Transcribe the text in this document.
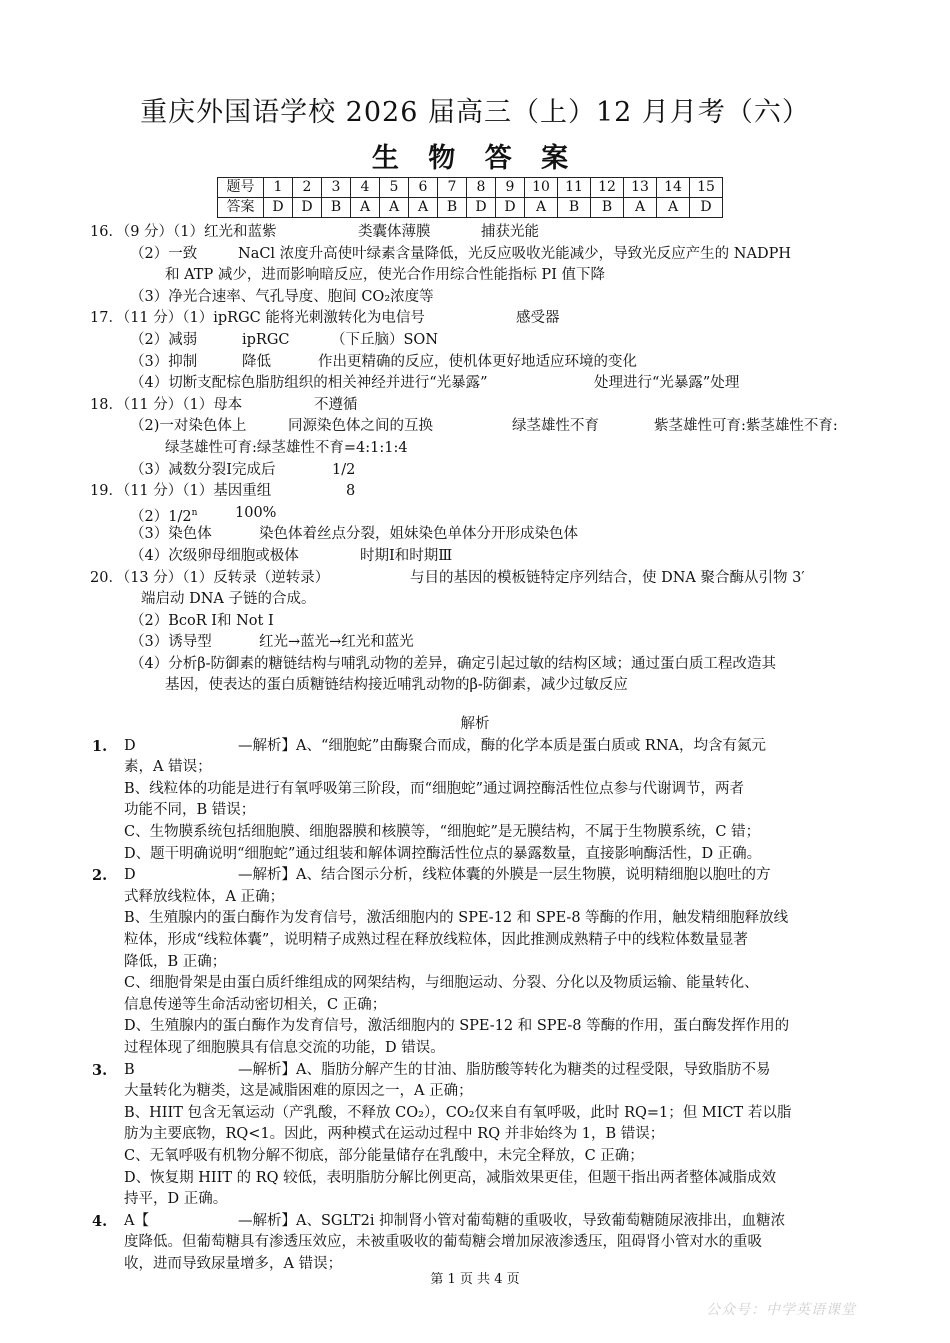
重庆外国语学校 2026 届高三（上）12 月月考（六）
生 物 答 案
题号	1	2	3	4	5	6	7	8	9	10	11	12	13	14	15
答案	D	D	B	A	A	A	B	D	D	A	B	B	A	A	D
16．（9 分）（1）红光和蓝紫	类囊体薄膜	捕获光能
（2）一致	NaCl 浓度升高使叶绿素含量降低，光反应吸收光能减少，导致光反应产生的 NADPH
和 ATP 减少，进而影响暗反应，使光合作用综合性能指标 PI 值下降
（3）净光合速率、气孔导度、胞间 CO₂浓度等
17．（11 分）（1）ipRGC 能将光刺激转化为电信号	感受器
（2）减弱	ipRGC	（下丘脑）SON
（3）抑制	降低	作出更精确的反应，使机体更好地适应环境的变化
（4）切断支配棕色脂肪组织的相关神经并进行“光暴露”	处理进行“光暴露”处理
18．（11 分）（1）母本	不遵循
（2)一对染色体上	同源染色体之间的互换	绿茎雄性不育	紫茎雄性可育:紫茎雄性不育:
绿茎雄性可育:绿茎雄性不育=4:1:1:4
（3）减数分裂Ⅰ完成后	1/2
19．（11 分）（1）基因重组	8
（2）1/2$^n$	100%
（3）染色体	染色体着丝点分裂，姐妹染色单体分开形成染色体
（4）次级卵母细胞或极体	时期Ⅰ和时期Ⅲ
20．（13 分）（1）反转录（逆转录）	与目的基因的模板链特定序列结合，使 DNA 聚合酶从引物 3′
端启动 DNA 子链的合成。
（2）BcoR Ⅰ和 Not Ⅰ
（3）诱导型	红光→蓝光→红光和蓝光
（4）分析β-防御素的糖链结构与哺乳动物的差异，确定引起过敏的结构区域；通过蛋白质工程改造其
基因，使表达的蛋白质糖链结构接近哺乳动物的β-防御素，减少过敏反应
解析
1. D	—解析】A、“细胞蛇”由酶聚合而成，酶的化学本质是蛋白质或 RNA，均含有氮元
素，A 错误；
B、线粒体的功能是进行有氧呼吸第三阶段，而“细胞蛇”通过调控酶活性位点参与代谢调节，两者
功能不同，B 错误；
C、生物膜系统包括细胞膜、细胞器膜和核膜等，“细胞蛇”是无膜结构，不属于生物膜系统，C 错；
D、题干明确说明“细胞蛇”通过组装和解体调控酶活性位点的暴露数量，直接影响酶活性，D 正确。
2. D	—解析】A、结合图示分析，线粒体囊的外膜是一层生物膜，说明精细胞以胞吐的方
式释放线粒体，A 正确；
B、生殖腺内的蛋白酶作为发育信号，激活细胞内的 SPE-12 和 SPE-8 等酶的作用，触发精细胞释放线
粒体，形成“线粒体囊”，说明精子成熟过程在释放线粒体，因此推测成熟精子中的线粒体数量显著
降低，B 正确；
C、细胞骨架是由蛋白质纤维组成的网架结构，与细胞运动、分裂、分化以及物质运输、能量转化、
信息传递等生命活动密切相关，C 正确；
D、生殖腺内的蛋白酶作为发育信号，激活细胞内的 SPE-12 和 SPE-8 等酶的作用，蛋白酶发挥作用的
过程体现了细胞膜具有信息交流的功能，D 错误。
3. B	—解析】A、脂肪分解产生的甘油、脂肪酸等转化为糖类的过程受限，导致脂肪不易
大量转化为糖类，这是减脂困难的原因之一，A 正确；
B、HIIT 包含无氧运动（产乳酸，不释放 CO₂），CO₂仅来自有氧呼吸，此时 RQ=1；但 MICT 若以脂
肪为主要底物，RQ<1。因此，两种模式在运动过程中 RQ 并非始终为 1，B 错误；
C、无氧呼吸有机物分解不彻底，部分能量储存在乳酸中，未完全释放，C 正确；
D、恢复期 HIIT 的 RQ 较低，表明脂肪分解比例更高，减脂效果更佳，但题干指出两者整体减脂成效
持平，D 正确。
4. A【	—解析】A、SGLT2i 抑制肾小管对葡萄糖的重吸收，导致葡萄糖随尿液排出，血糖浓
度降低。但葡萄糖具有渗透压效应，未被重吸收的葡萄糖会增加尿液渗透压，阻碍肾小管对水的重吸
收，进而导致尿量增多，A 错误；
第 1 页 共 4 页
公众号：中学英语课堂
